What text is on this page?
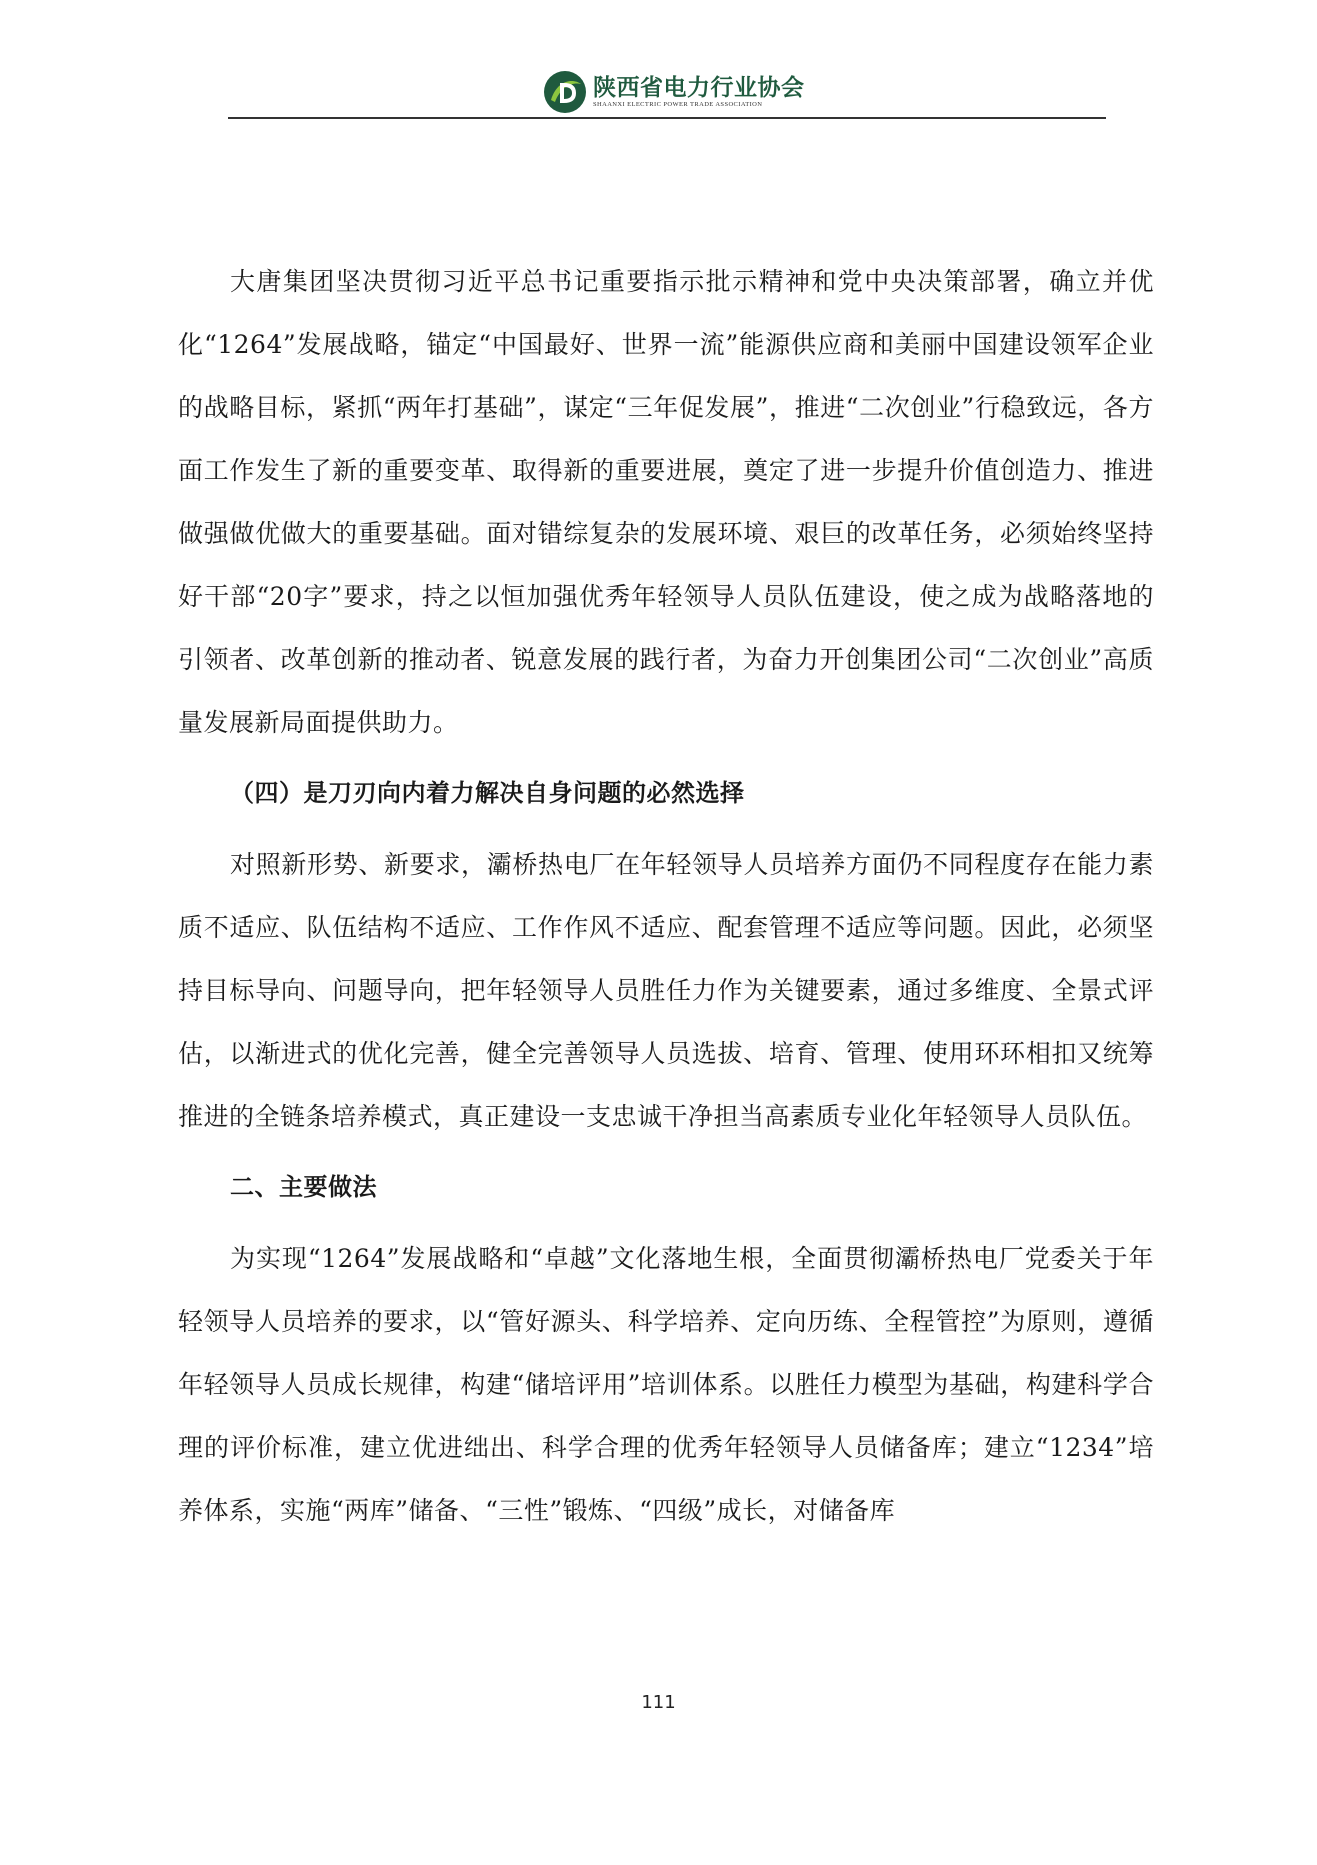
陕西省电力行业协会
SHAANXI ELECTRIC POWER TRADE ASSOCIATION

大唐集团坚决贯彻习近平总书记重要指示批示精神和党中央决策部署，确立并优化“1264”发展战略，锚定“中国最好、世界一流”能源供应商和美丽中国建设领军企业的战略目标，紧抓“两年打基础”，谋定“三年促发展”，推进“二次创业”行稳致远，各方面工作发生了新的重要变革、取得新的重要进展，奠定了进一步提升价值创造力、推进做强做优做大的重要基础。面对错综复杂的发展环境、艰巨的改革任务，必须始终坚持好干部“20字”要求，持之以恒加强优秀年轻领导人员队伍建设，使之成为战略落地的引领者、改革创新的推动者、锐意发展的践行者，为奋力开创集团公司“二次创业”高质量发展新局面提供助力。

（四）是刀刃向内着力解决自身问题的必然选择

对照新形势、新要求，灞桥热电厂在年轻领导人员培养方面仍不同程度存在能力素质不适应、队伍结构不适应、工作作风不适应、配套管理不适应等问题。因此，必须坚持目标导向、问题导向，把年轻领导人员胜任力作为关键要素，通过多维度、全景式评估，以渐进式的优化完善，健全完善领导人员选拔、培育、管理、使用环环相扣又统筹推进的全链条培养模式，真正建设一支忠诚干净担当高素质专业化年轻领导人员队伍。

二、主要做法

为实现“1264”发展战略和“卓越”文化落地生根，全面贯彻灞桥热电厂党委关于年轻领导人员培养的要求，以“管好源头、科学培养、定向历练、全程管控”为原则，遵循年轻领导人员成长规律，构建“储培评用”培训体系。以胜任力模型为基础，构建科学合理的评价标准，建立优进绌出、科学合理的优秀年轻领导人员储备库；建立“1234”培养体系，实施“两库”储备、“三性”锻炼、“四级”成长，对储备库

111
